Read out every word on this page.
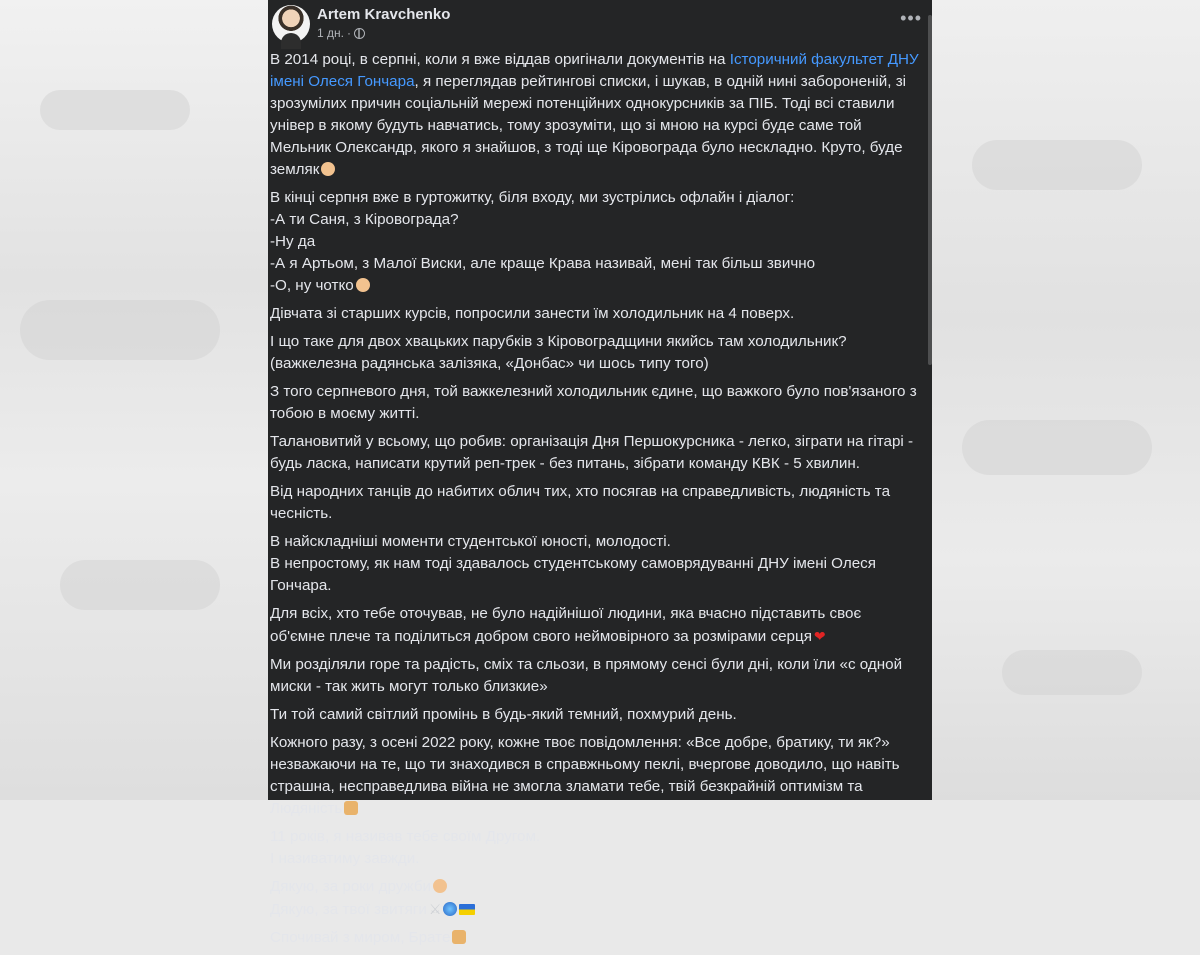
Artem Kravchenko
1 дн. ·
•••

В 2014 році, в серпні, коли я вже віддав оригінали документів на Історичний факультет ДНУ імені Олеся Гончара, я переглядав рейтингові списки, і шукав, в одній нині забороненій, зі зрозумілих причин соціальній мережі потенційних однокурсників за ПІБ. Тоді всі ставили універ в якому будуть навчатись, тому зрозуміти, що зі мною на курсі буде саме той Мельник Олександр, якого я знайшов, з тоді ще Кіровограда було нескладно. Круто, буде земляк

В кінці серпня вже в гуртожитку, біля входу, ми зустрілись офлайн і діалог:
-А ти Саня, з Кіровограда?
-Ну да
-А я Артьом, з Малої Виски, але краще Крава називай, мені так більш звично
-О, ну чотко

Дівчата зі старших курсів, попросили занести їм холодильник на 4 поверх.

І що таке для двох хвацьких парубків з Кіровоградщини якийсь там холодильник?
(важкелезна радянська залізяка, «Донбас» чи шось типу того)

З того серпневого дня, той важкелезний холодильник єдине, що важкого було пов'язаного з тобою в моєму житті.

Талановитий у всьому, що робив: організація Дня Першокурсника - легко, зіграти на гітарі - будь ласка, написати крутий реп-трек - без питань, зібрати команду КВК - 5 хвилин.

Від народних танців до набитих облич тих, хто посягав на справедливість, людяність та чесність.

В найскладніші моменти студентської юності, молодості.
В непростому, як нам тоді здавалось студентському самоврядуванні ДНУ імені Олеся Гончара.

Для всіх, хто тебе оточував, не було надійнішої людини, яка вчасно підставить своє об'ємне плече та поділиться добром свого неймовірного за розмірами серця ❤

Ми розділяли горе та радість, сміх та сльози, в прямому сенсі були дні, коли їли «с одной миски - так жить могут только близкие»

Ти той самий світлий промінь в будь-який темний, похмурий день.

Кожного разу, з осені 2022 року, кожне твоє повідомлення: «Все добре, братику, ти як?» незважаючи на те, що ти знаходився в справжньому пеклі, вчергове доводило, що навіть страшна, несправедлива війна не змогла зламати тебе, твій безкрайній оптимізм та Людяність

11 років, я називав тебе своїм Другом.
І називатиму завжди.

Дякую, за роки дружби
Дякую, за твої звитяги ⚔

Спочивай з миром, Брате
